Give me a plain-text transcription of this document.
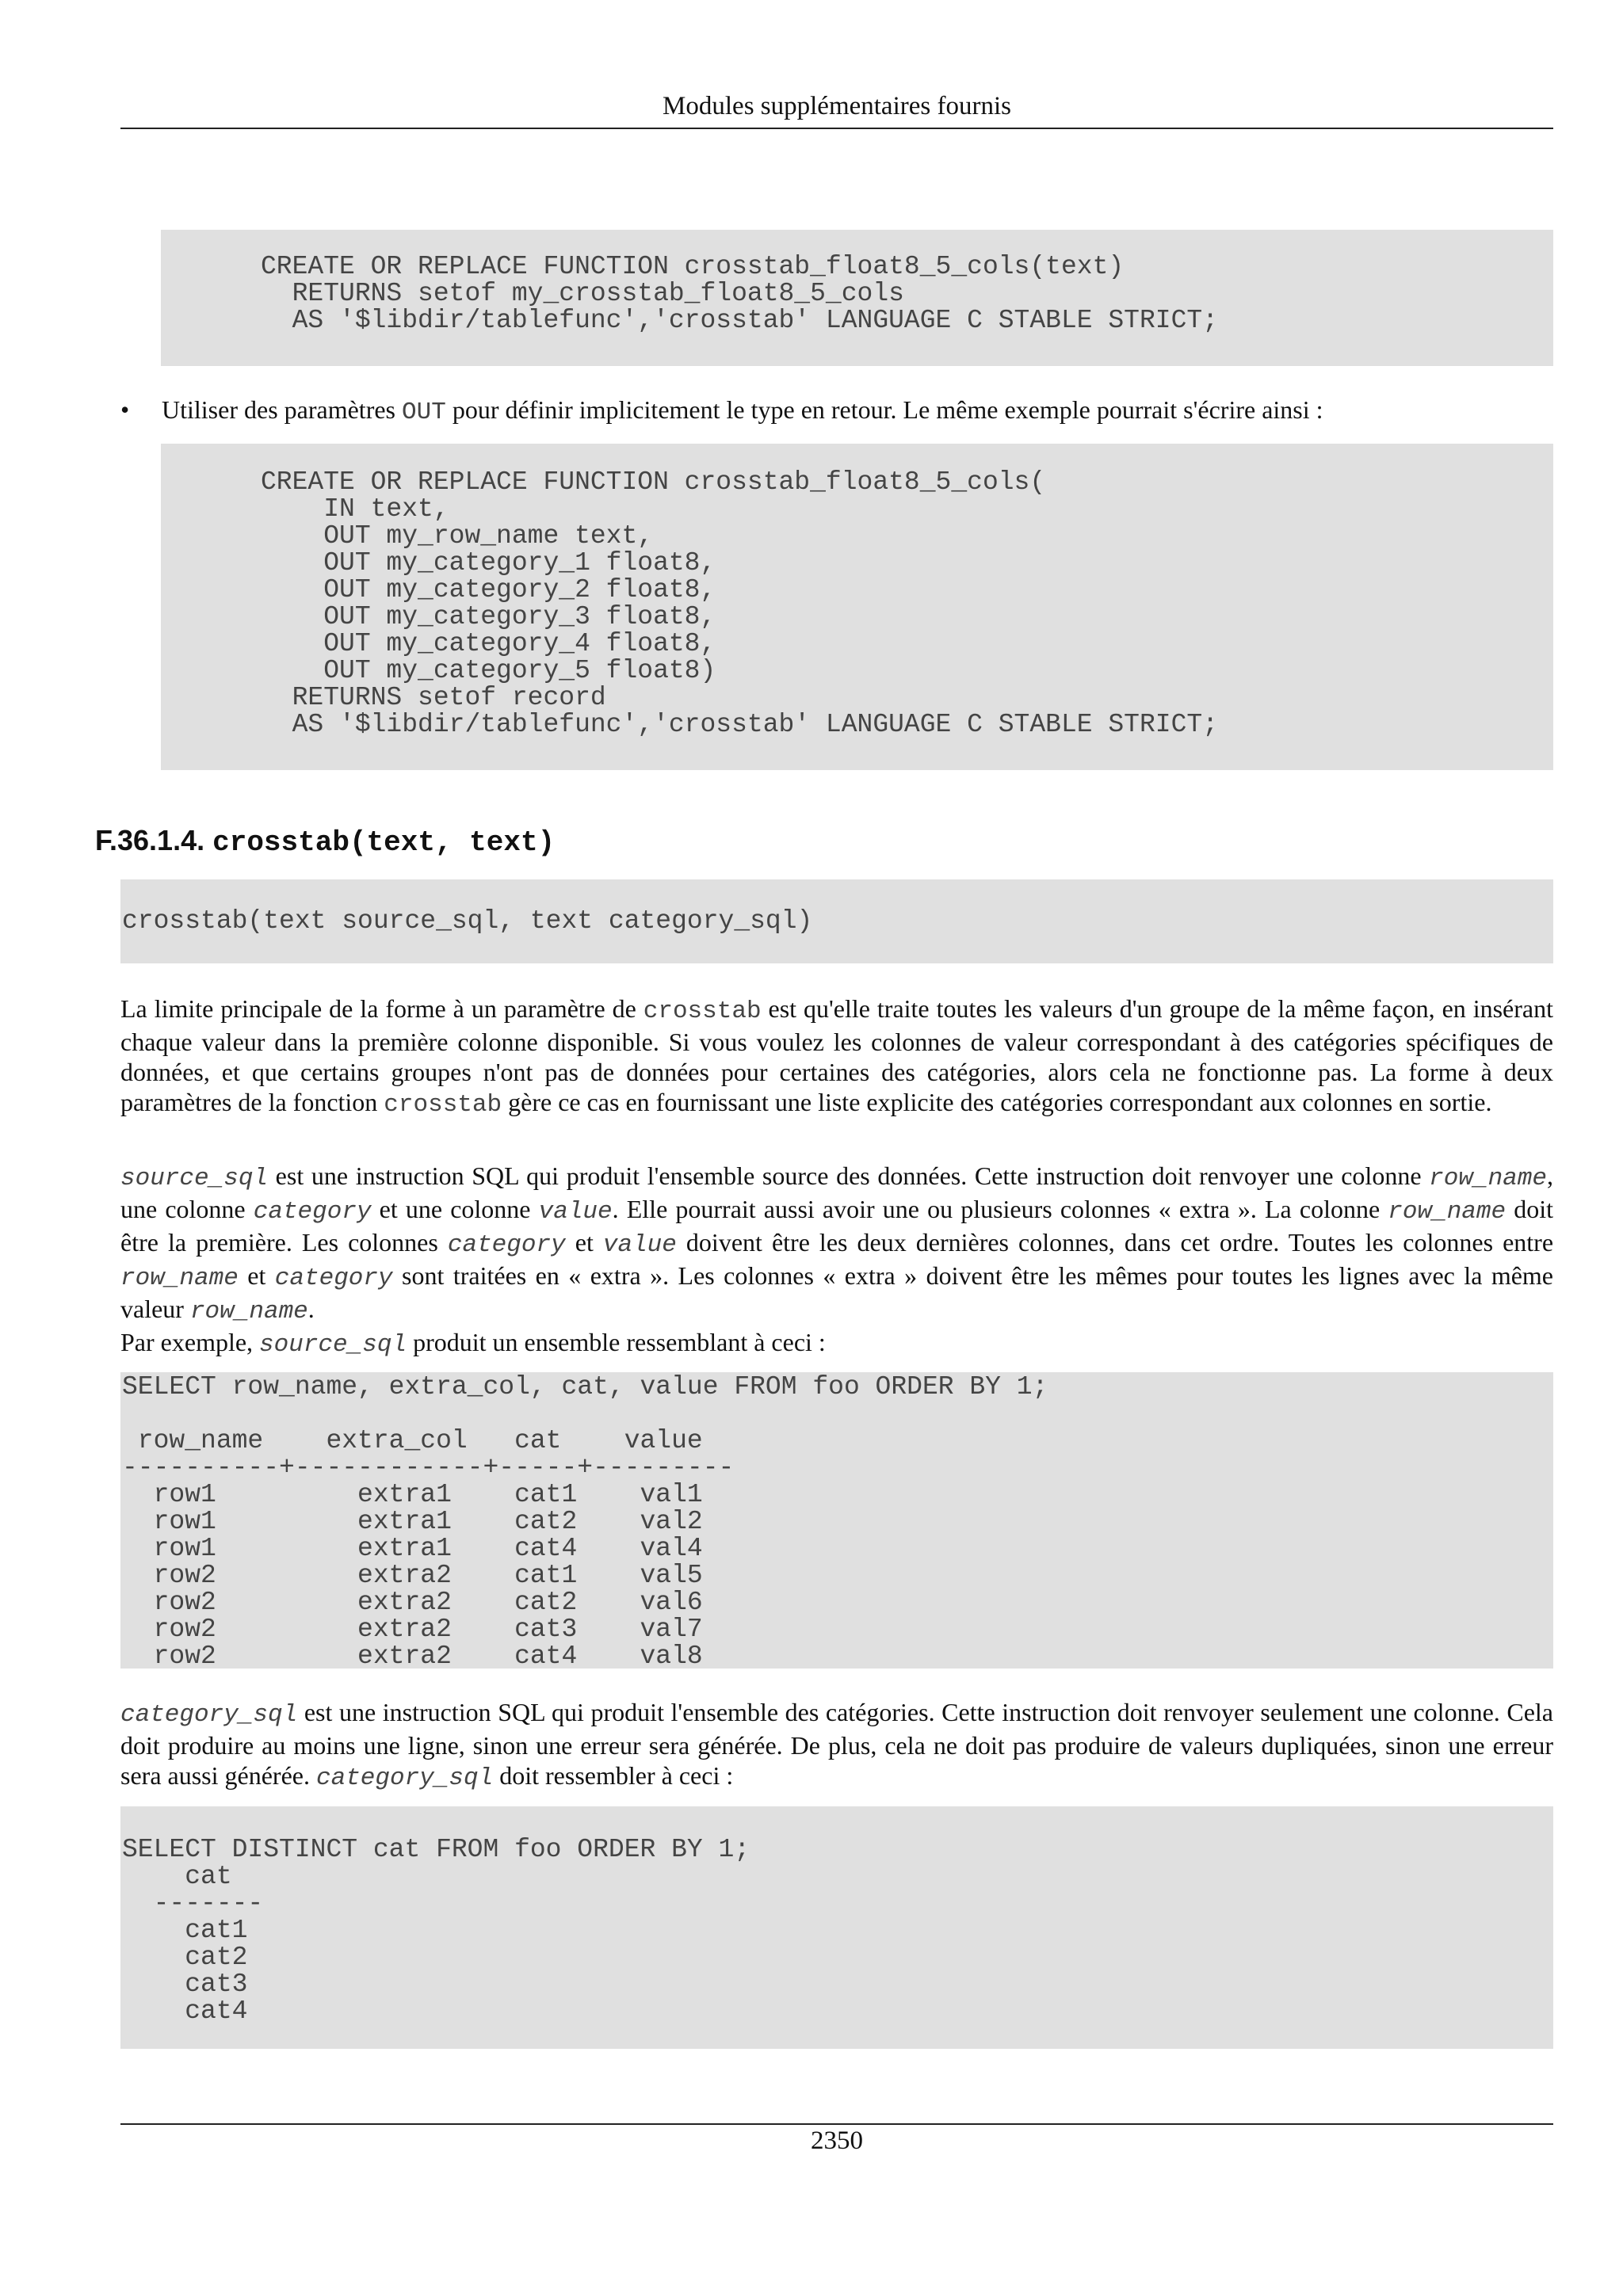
Modules supplémentaires fournis
CREATE OR REPLACE FUNCTION crosstab_float8_5_cols(text)
RETURNS setof my_crosstab_float8_5_cols
AS '$libdir/tablefunc','crosstab' LANGUAGE C STABLE STRICT;
• Utiliser des paramètres OUT pour définir implicitement le type en retour. Le même exemple pourrait s'écrire ainsi :
CREATE OR REPLACE FUNCTION crosstab_float8_5_cols(
IN text,
OUT my_row_name text,
OUT my_category_1 float8,
OUT my_category_2 float8,
OUT my_category_3 float8,
OUT my_category_4 float8,
OUT my_category_5 float8)
RETURNS setof record
AS '$libdir/tablefunc','crosstab' LANGUAGE C STABLE STRICT;
F.36.1.4. crosstab(text, text)
crosstab(text source_sql, text category_sql)
La limite principale de la forme à un paramètre de crosstab est qu'elle traite toutes les valeurs d'un groupe de la même façon, en insérant chaque valeur dans la première colonne disponible. Si vous voulez les colonnes de valeur correspondant à des catégories spécifiques de données, et que certains groupes n'ont pas de données pour certaines des catégories, alors cela ne fonctionne pas. La forme à deux paramètres de la fonction crosstab gère ce cas en fournissant une liste explicite des catégories correspondant aux colonnes en sortie.
source_sql est une instruction SQL qui produit l'ensemble source des données. Cette instruction doit renvoyer une colonne row_name, une colonne category et une colonne value. Elle pourrait aussi avoir une ou plusieurs colonnes « extra ». La colonne row_name doit être la première. Les colonnes category et value doivent être les deux dernières colonnes, dans cet ordre. Toutes les colonnes entre row_name et category sont traitées en « extra ». Les colonnes « extra » doivent être les mêmes pour toutes les lignes avec la même valeur row_name.
Par exemple, source_sql produit un ensemble ressemblant à ceci :
SELECT row_name, extra_col, cat, value FROM foo ORDER BY 1;

row_name    extra_col   cat    value
----------+------------+-----+---------
row1         extra1    cat1    val1
row1         extra1    cat2    val2
row1         extra1    cat4    val4
row2         extra2    cat1    val5
row2         extra2    cat2    val6
row2         extra2    cat3    val7
row2         extra2    cat4    val8
category_sql est une instruction SQL qui produit l'ensemble des catégories. Cette instruction doit renvoyer seulement une colonne. Cela doit produire au moins une ligne, sinon une erreur sera générée. De plus, cela ne doit pas produire de valeurs dupliquées, sinon une erreur sera aussi générée. category_sql doit ressembler à ceci :
SELECT DISTINCT cat FROM foo ORDER BY 1;
cat
-------
cat1
cat2
cat3
cat4
2350
